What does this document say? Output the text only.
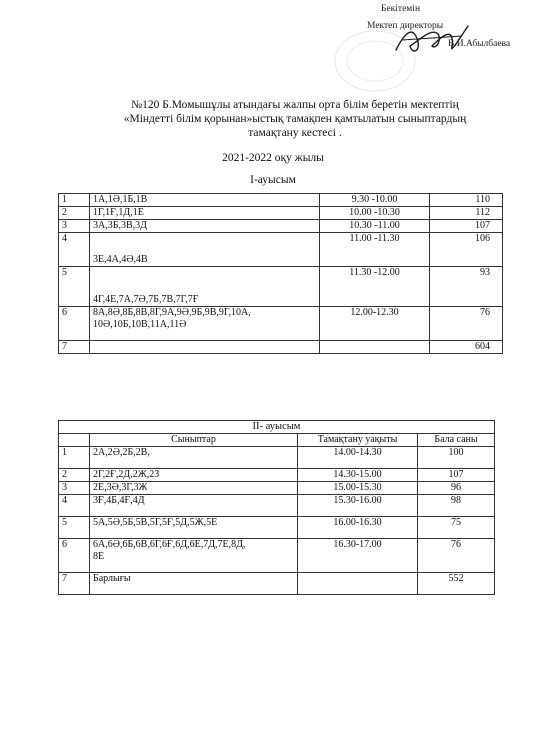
Бекітемін
Мектеп директоры
В.И.Абылбаева
№120 Б.Момышұлы атындағы жалпы орта білім беретін мектептің
«Міндетті білім қорынан»ыстық тамақпен қамтылатын сыныптардың
тамақтану кестесі .
2021-2022 оқу жылы
І-ауысым
1	1А,1Ә,1Б,1В	9.30 -10.00	110
2	1Г,1Ғ,1Д,1Е	10.00 -10.30	112
3	3А,3Б,3В,3Д	10.30 -11.00	107
4	3Е,4А,4Ә,4В	11.00 -11.30	106
5	4Г,4Е,7А,7Ә,7Б,7В,7Г,7Ғ	11.30 -12.00	93
6	8А,8Ә,8Б,8В,8Г,9А,9Ә,9Б,9В,9Г,10А,
10Ә,10Б,10В,11А,11Ә	12.00-12.30	76
7			604
ІІ- ауысым			
	Сыныптар	Тамақтану уақыты	Бала саны
1	2А,2Ә,2Б,2В,	14.00-14.30	100
2	2Г,2Ғ,2Д,2Ж,2З	14.30-15.00	107
3	2Е,3Ә,3Г,3Ж	15.00-15.30	96
4	3Ғ,4Б,4Ғ,4Д	15.30-16.00	98
5	5А,5Ә,5Б,5В,5Г,5Ғ,5Д,5Ж,5Е	16.00-16.30	75
6	6А,6Ә,6Б,6В,6Г,6Ғ,6Д,6Е,7Д,7Е,8Д,
8Е	16.30-17.00	76
7	Барлығы		552
